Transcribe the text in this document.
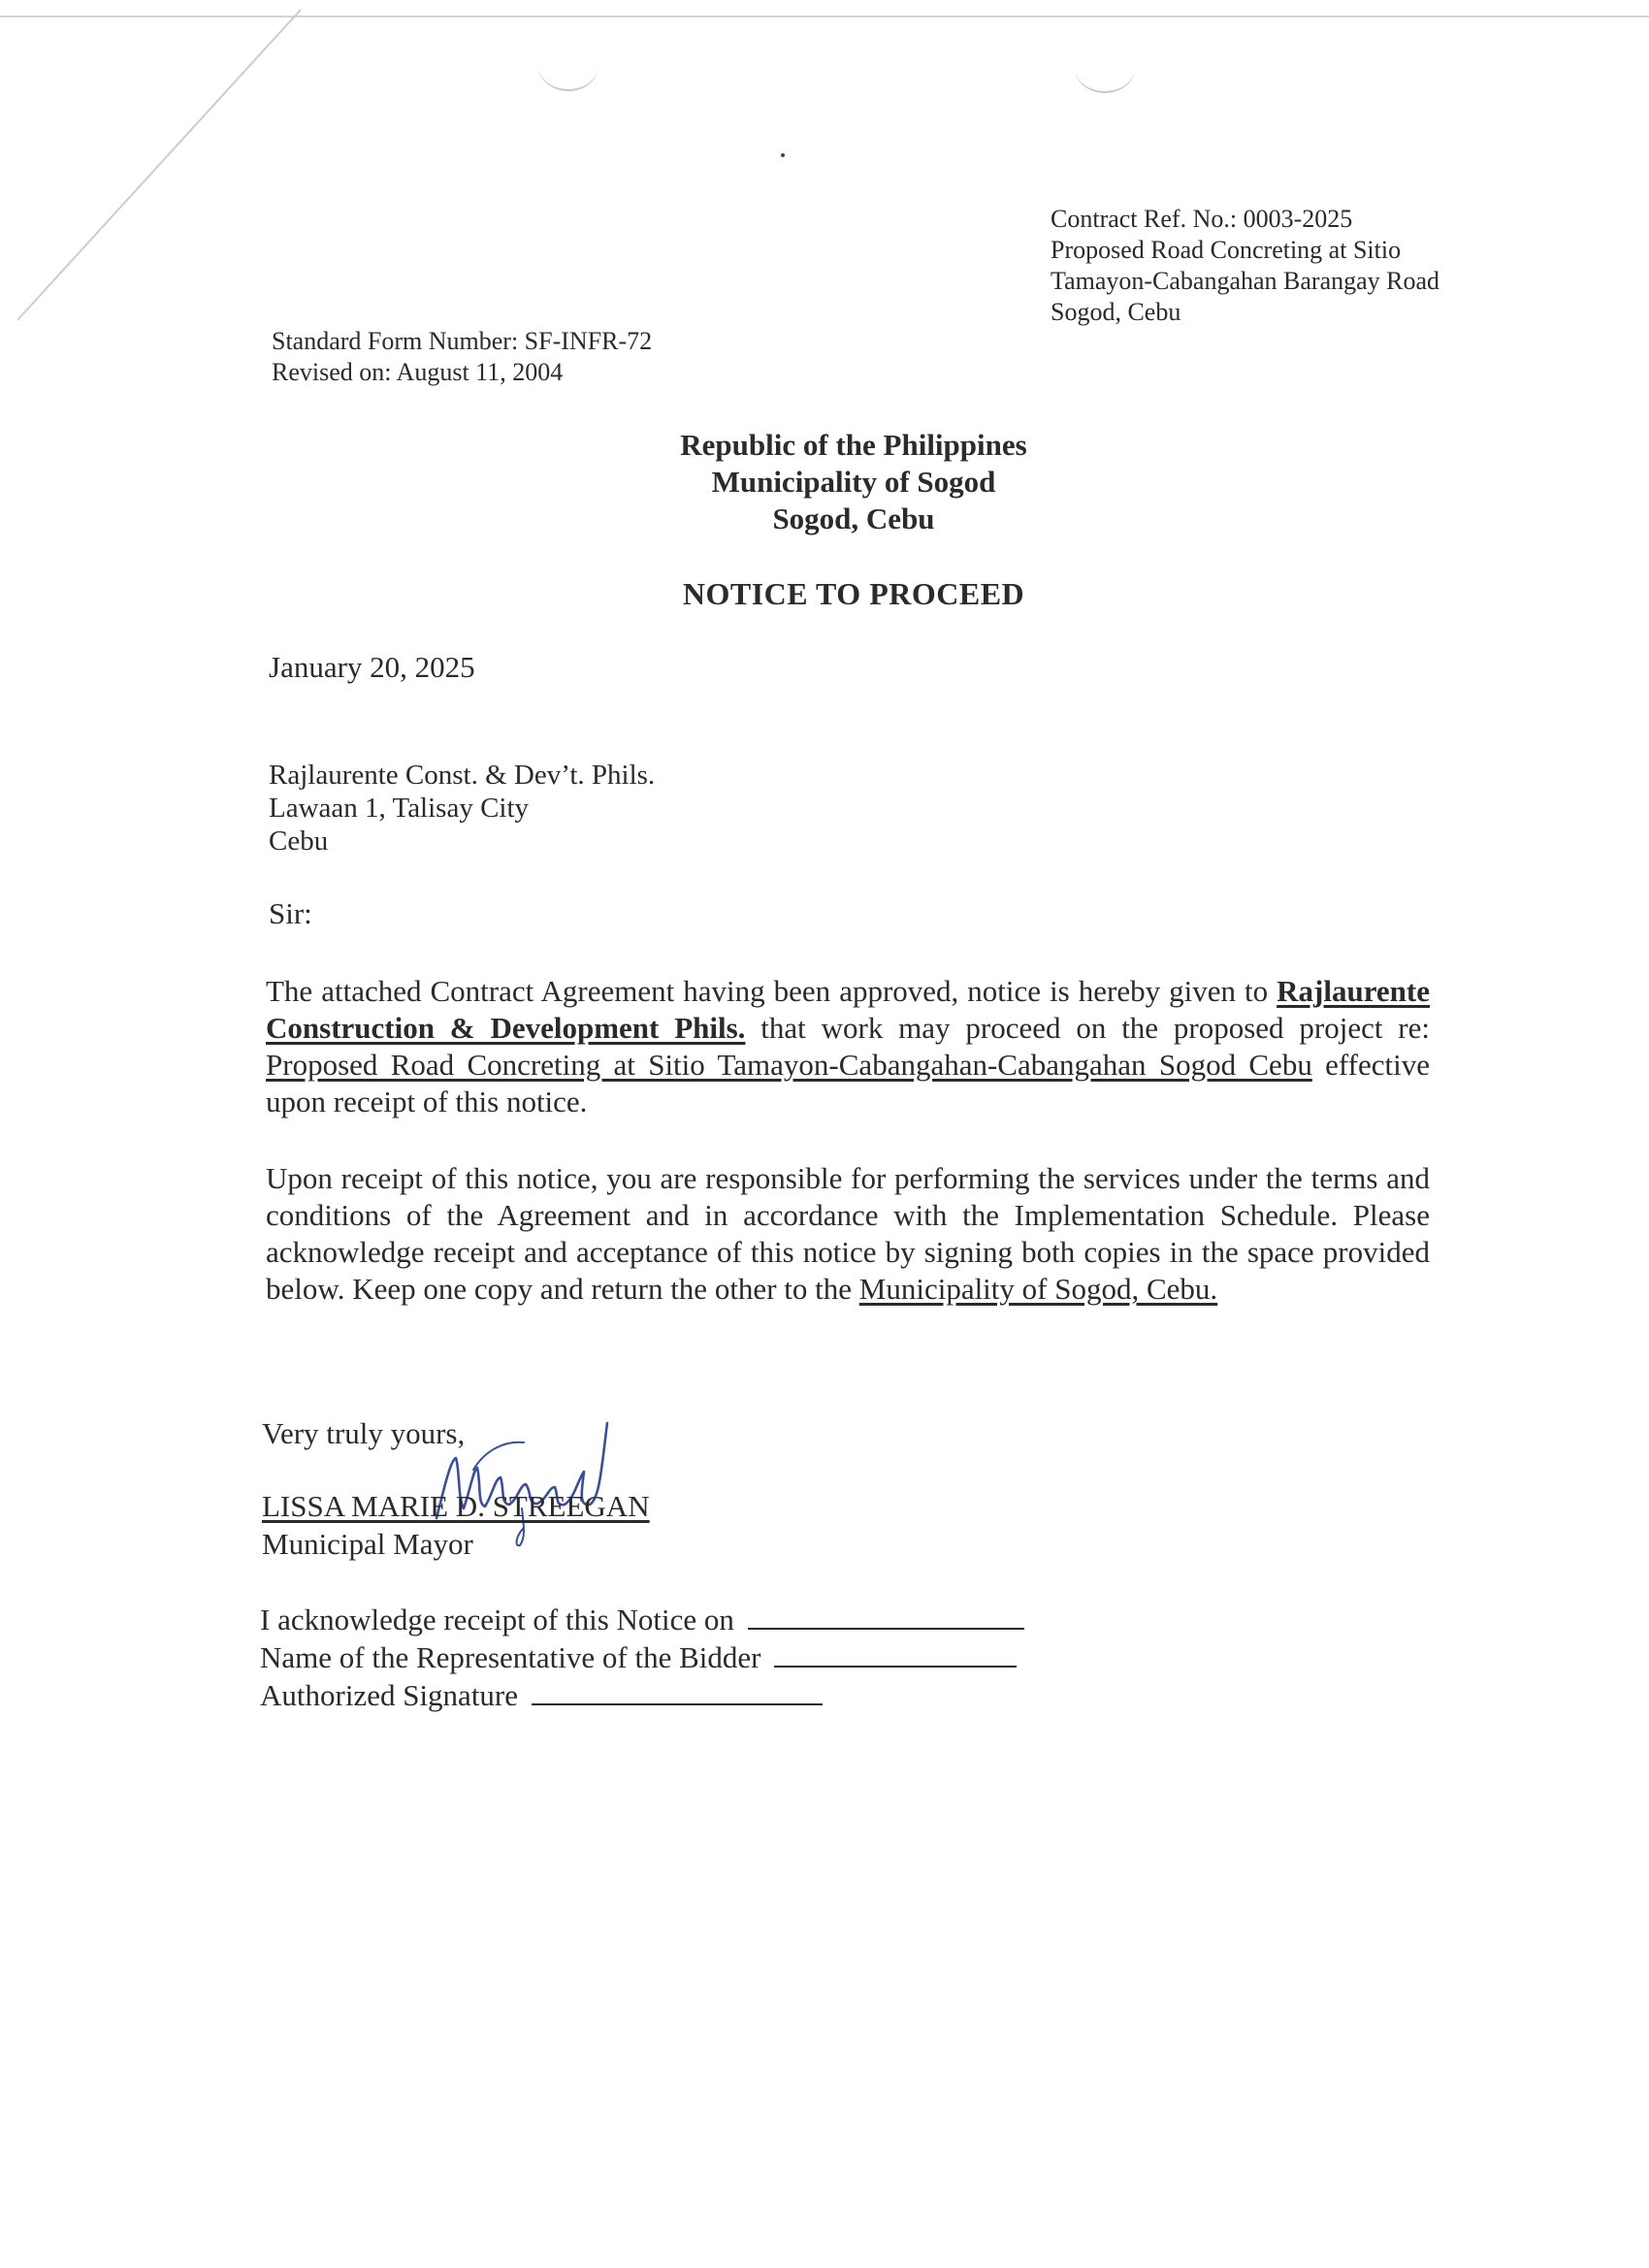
Contract Ref. No.: 0003-2025
Proposed Road Concreting at Sitio
Tamayon-Cabangahan Barangay Road
Sogod, Cebu
Standard Form Number: SF-INFR-72
Revised on: August 11, 2004
Republic of the Philippines
Municipality of Sogod
Sogod, Cebu
NOTICE TO PROCEED
January 20, 2025
Rajlaurente Const. & Dev’t. Phils.
Lawaan 1, Talisay City
Cebu
Sir:
The attached Contract Agreement having been approved, notice is hereby given to Rajlaurente Construction & Development Phils. that work may proceed on the proposed project re: Proposed Road Concreting at Sitio Tamayon-Cabangahan-Cabangahan Sogod Cebu effective upon receipt of this notice.
Upon receipt of this notice, you are responsible for performing the services under the terms and conditions of the Agreement and in accordance with the Implementation Schedule. Please acknowledge receipt and acceptance of this notice by signing both copies in the space provided below. Keep one copy and return the other to the Municipality of Sogod, Cebu.
Very truly yours,
LISSA MARIE D. STREEGAN
Municipal Mayor
I acknowledge receipt of this Notice on
Name of the Representative of the Bidder
Authorized Signature
